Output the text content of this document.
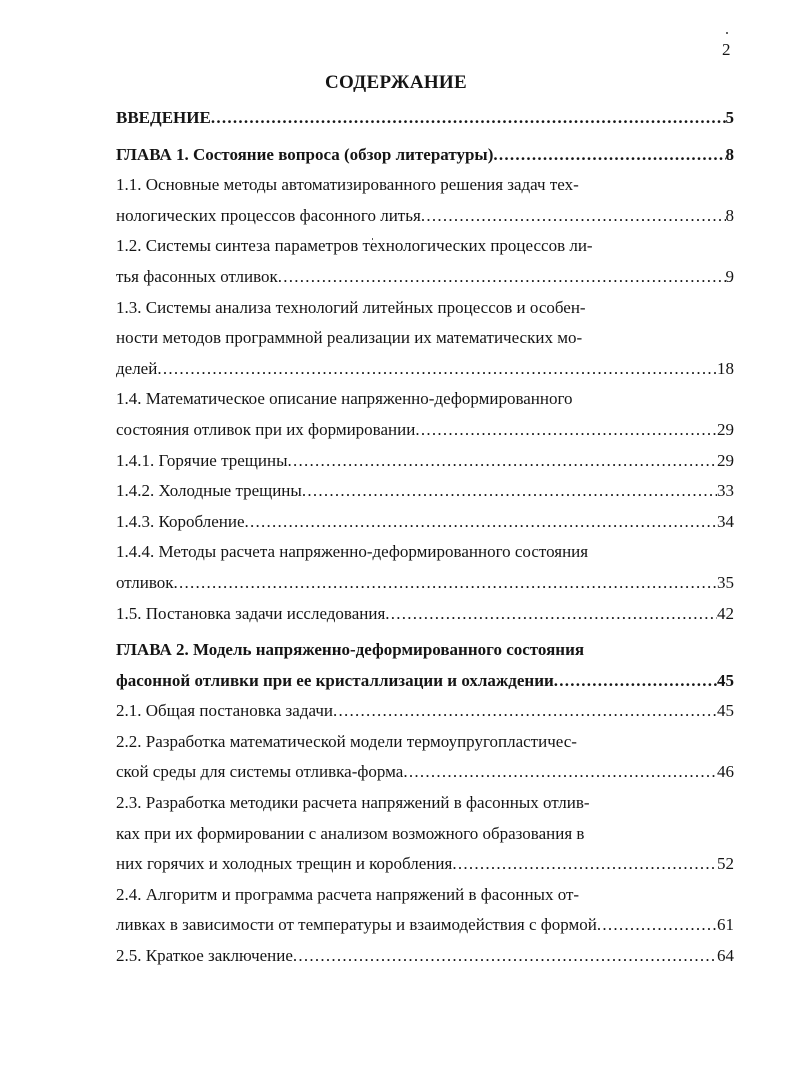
2
СОДЕРЖАНИЕ
ВВЕДЕНИЕ . . .	5
ГЛАВА 1. Состояние вопроса (обзор литературы) . . .	8
1.1. Основные методы автоматизированного решения задач тех-
нологических процессов фасонного литья . . .	8
1.2. Системы синтеза параметров технологических процессов ли-
тья фасонных отливок . . .	9
1.3. Системы анализа технологий литейных процессов и особен-
ности методов программной реализации их математических мо-
делей . . .	18
1.4. Математическое описание напряженно-деформированного
состояния отливок при их формировании . . .	29
1.4.1. Горячие трещины . . .	29
1.4.2. Холодные трещины . . .	33
1.4.3. Коробление . . .	34
1.4.4. Методы расчета напряженно-деформированного состояния
отливок . . .	35
1.5. Постановка задачи исследования . . .	42
ГЛАВА 2. Модель напряженно-деформированного состояния
фасонной отливки при ее кристаллизации и охлаждении . . .	45
2.1. Общая постановка задачи . . .	45
2.2. Разработка математической модели термоупругопластичес-
ской среды для системы отливка-форма . . .	46
2.3. Разработка методики расчета напряжений в фасонных отлив-
ках при их формировании с анализом возможного образования в
них горячих и холодных трещин и коробления . . .	52
2.4. Алгоритм и программа расчета напряжений в фасонных от-
ливках в зависимости от температуры и взаимодействия с формой . . .	61
2.5. Краткое заключение . . .	64
